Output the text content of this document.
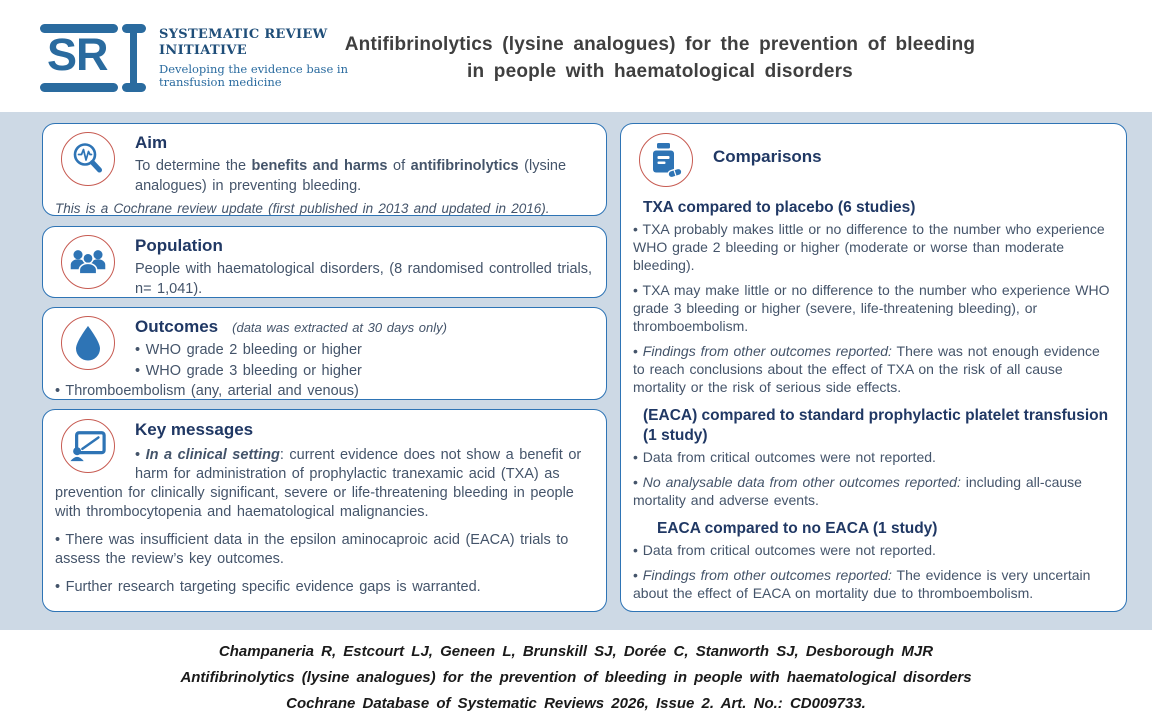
SR	SYSTEMATIC REVIEW
INITIATIVE
Developing the evidence base in
transfusion medicine
Antifibrinolytics (lysine analogues) for the prevention of bleeding
in people with haematological disorders
Aim
To determine the benefits and harms of antifibrinolytics (lysine analogues) in preventing bleeding.
This is a Cochrane review update (first published in 2013 and updated in 2016).
Population
People with haematological disorders, (8 randomised controlled trials, n= 1,041).
Outcomes (data was extracted at 30 days only)
• WHO grade 2 bleeding or higher
• WHO grade 3 bleeding or higher
• Thromboembolism (any, arterial and venous)
Key messages
• In a clinical setting: current evidence does not show a benefit or harm for administration of prophylactic tranexamic acid (TXA) as prevention for clinically significant, severe or life-threatening bleeding in people with thrombocytopenia and haematological malignancies.
• There was insufficient data in the epsilon aminocaproic acid (EACA) trials to assess the review’s key outcomes.
• Further research targeting specific evidence gaps is warranted.
Comparisons
TXA compared to placebo (6 studies)
• TXA probably makes little or no difference to the number who experience WHO grade 2 bleeding or higher (moderate or worse than moderate bleeding).
• TXA may make little or no difference to the number who experience WHO grade 3 bleeding or higher (severe, life-threatening bleeding), or thromboembolism.
• Findings from other outcomes reported: There was not enough evidence to reach conclusions about the effect of TXA on the risk of all cause mortality or the risk of serious side effects.
(EACA) compared to standard prophylactic platelet transfusion (1 study)
• Data from critical outcomes were not reported.
• No analysable data from other outcomes reported: including all-cause mortality and adverse events.
EACA compared to no EACA (1 study)
• Data from critical outcomes were not reported.
• Findings from other outcomes reported: The evidence is very uncertain about the effect of EACA on mortality due to thromboembolism.
Champaneria R, Estcourt LJ, Geneen L, Brunskill SJ, Dorée C, Stanworth SJ, Desborough MJR
Antifibrinolytics (lysine analogues) for the prevention of bleeding in people with haematological disorders
Cochrane Database of Systematic Reviews 2026, Issue 2. Art. No.: CD009733.
